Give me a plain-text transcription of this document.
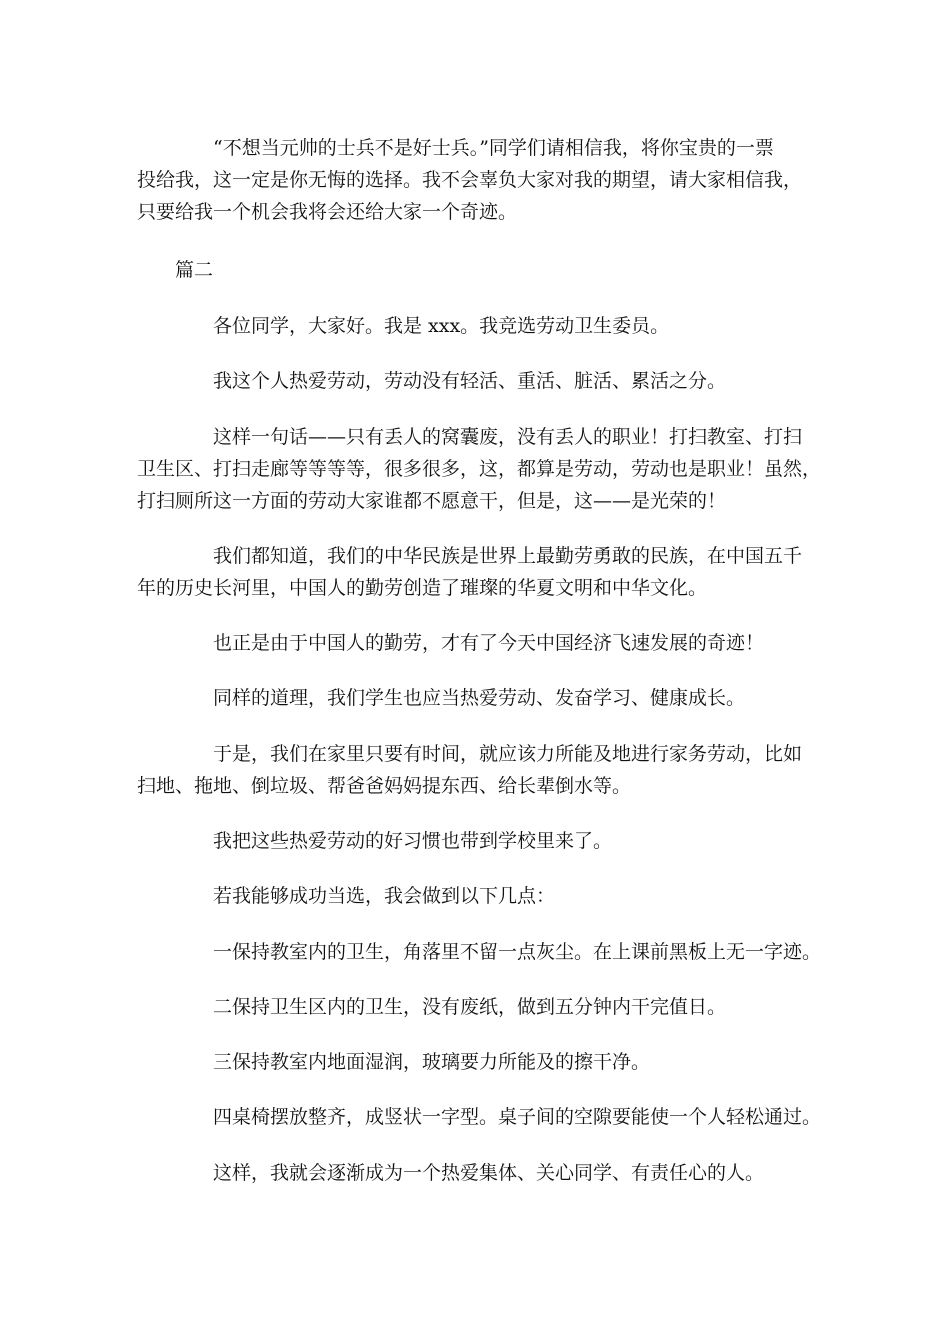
“不想当元帅的士兵不是好士兵。”同学们请相信我，将你宝贵的一票
投给我，这一定是你无悔的选择。我不会辜负大家对我的期望，请大家相信我，
只要给我一个机会我将会还给大家一个奇迹。
篇二
各位同学，大家好。我是 xxx。我竞选劳动卫生委员。
我这个人热爱劳动，劳动没有轻活、重活、脏活、累活之分。
这样一句话——只有丢人的窝囊废，没有丢人的职业！打扫教室、打扫
卫生区、打扫走廊等等等等，很多很多，这，都算是劳动，劳动也是职业！虽然，
打扫厕所这一方面的劳动大家谁都不愿意干，但是，这——是光荣的！
我们都知道，我们的中华民族是世界上最勤劳勇敢的民族，在中国五千
年的历史长河里，中国人的勤劳创造了璀璨的华夏文明和中华文化。
也正是由于中国人的勤劳，才有了今天中国经济飞速发展的奇迹！
同样的道理，我们学生也应当热爱劳动、发奋学习、健康成长。
于是，我们在家里只要有时间，就应该力所能及地进行家务劳动，比如
扫地、拖地、倒垃圾、帮爸爸妈妈提东西、给长辈倒水等。
我把这些热爱劳动的好习惯也带到学校里来了。
若我能够成功当选，我会做到以下几点：
一保持教室内的卫生，角落里不留一点灰尘。在上课前黑板上无一字迹。
二保持卫生区内的卫生，没有废纸，做到五分钟内干完值日。
三保持教室内地面湿润，玻璃要力所能及的擦干净。
四桌椅摆放整齐，成竖状一字型。桌子间的空隙要能使一个人轻松通过。
这样，我就会逐渐成为一个热爱集体、关心同学、有责任心的人。
